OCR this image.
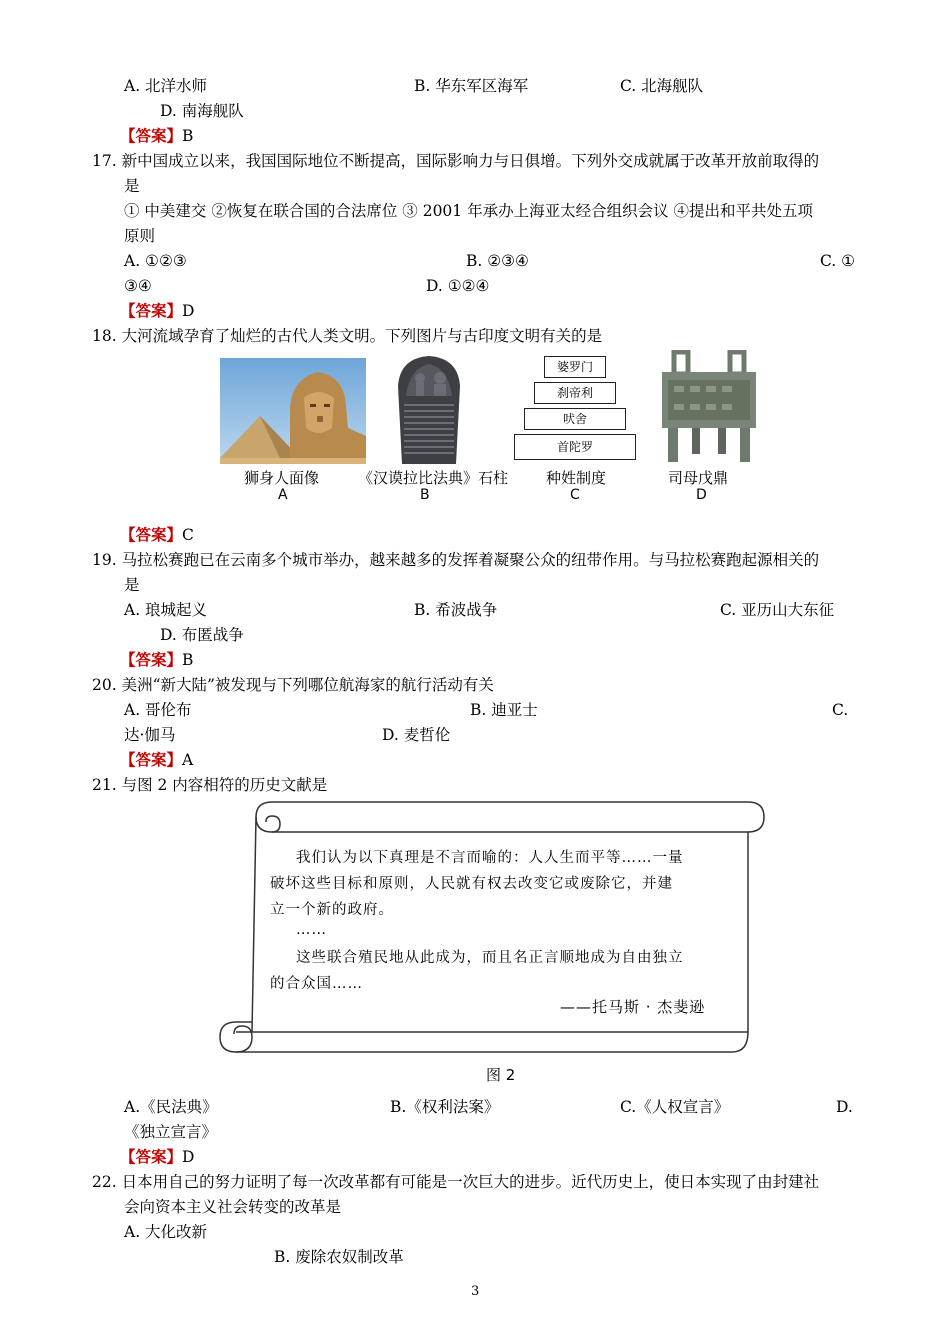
A. 北洋水师	B. 华东军区海军	C. 北海舰队
D. 南海舰队
【答案】B
17. 新中国成立以来，我国国际地位不断提高，国际影响力与日俱增。下列外交成就属于改革开放前取得的
是
① 中美建交 ②恢复在联合国的合法席位 ③ 2001 年承办上海亚太经合组织会议 ④提出和平共处五项
原则
A. ①②③	B. ②③④	C. ①
③④	D. ①②④
【答案】D
18. 大河流域孕育了灿烂的古代人类文明。下列图片与古印度文明有关的是
婆罗门
刹帝利
吠舍
首陀罗
狮身人面像	《汉谟拉比法典》石柱	种姓制度	司母戊鼎
A	B	C	D
【答案】C
19. 马拉松赛跑已在云南多个城市举办，越来越多的发挥着凝聚公众的纽带作用。与马拉松赛跑起源相关的
是
A. 琅城起义	B. 希波战争	C. 亚历山大东征
D. 布匿战争
【答案】B
20. 美洲“新大陆”被发现与下列哪位航海家的航行活动有关
A. 哥伦布	B. 迪亚士	C.
达·伽马	D. 麦哲伦
【答案】A
21. 与图 2 内容相符的历史文献是
我们认为以下真理是不言而喻的：人人生而平等……一量
破坏这些目标和原则，人民就有权去改变它或废除它，并建
立一个新的政府。
……
这些联合殖民地从此成为，而且名正言顺地成为自由独立
的合众国……
——托马斯 · 杰斐逊
图 2
A.《民法典》	B.《权利法案》	C.《人权宣言》	D.
《独立宣言》
【答案】D
22. 日本用自己的努力证明了每一次改革都有可能是一次巨大的进步。近代历史上，使日本实现了由封建社
会向资本主义社会转变的改革是
A. 大化改新
B. 废除农奴制改革
3
